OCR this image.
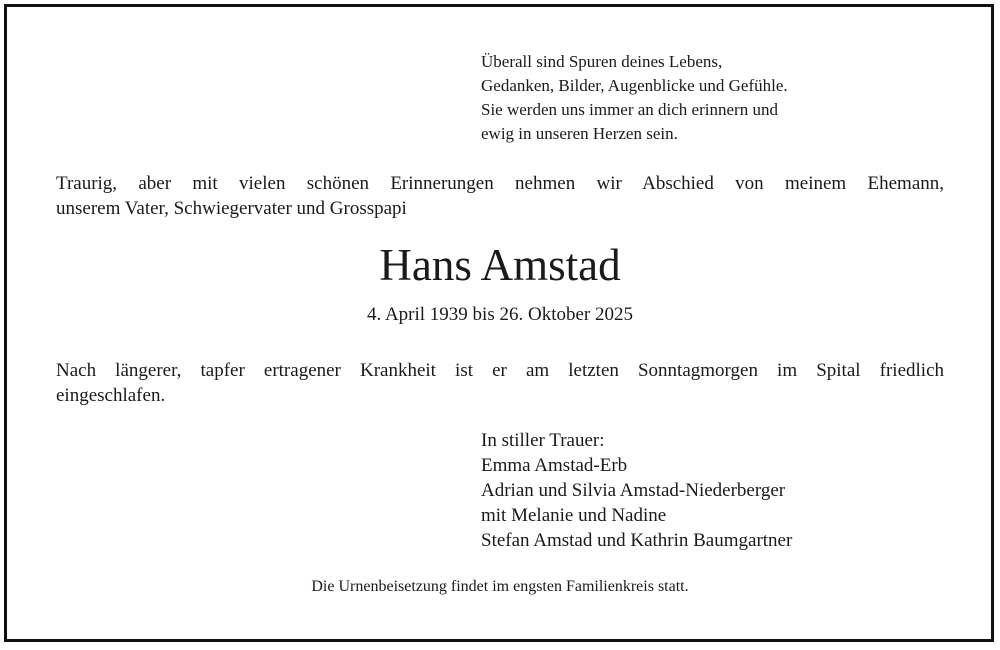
Überall sind Spuren deines Lebens,
Gedanken, Bilder, Augenblicke und Gefühle.
Sie werden uns immer an dich erinnern und
ewig in unseren Herzen sein.
Traurig, aber mit vielen schönen Erinnerungen nehmen wir Abschied von meinem Ehemann,
unserem Vater, Schwiegervater und Grosspapi
Hans Amstad
4. April 1939 bis 26. Oktober 2025
Nach längerer, tapfer ertragener Krankheit ist er am letzten Sonntagmorgen im Spital friedlich
eingeschlafen.
In stiller Trauer:
Emma Amstad-Erb
Adrian und Silvia Amstad-Niederberger
mit Melanie und Nadine
Stefan Amstad und Kathrin Baumgartner
Die Urnenbeisetzung findet im engsten Familienkreis statt.
